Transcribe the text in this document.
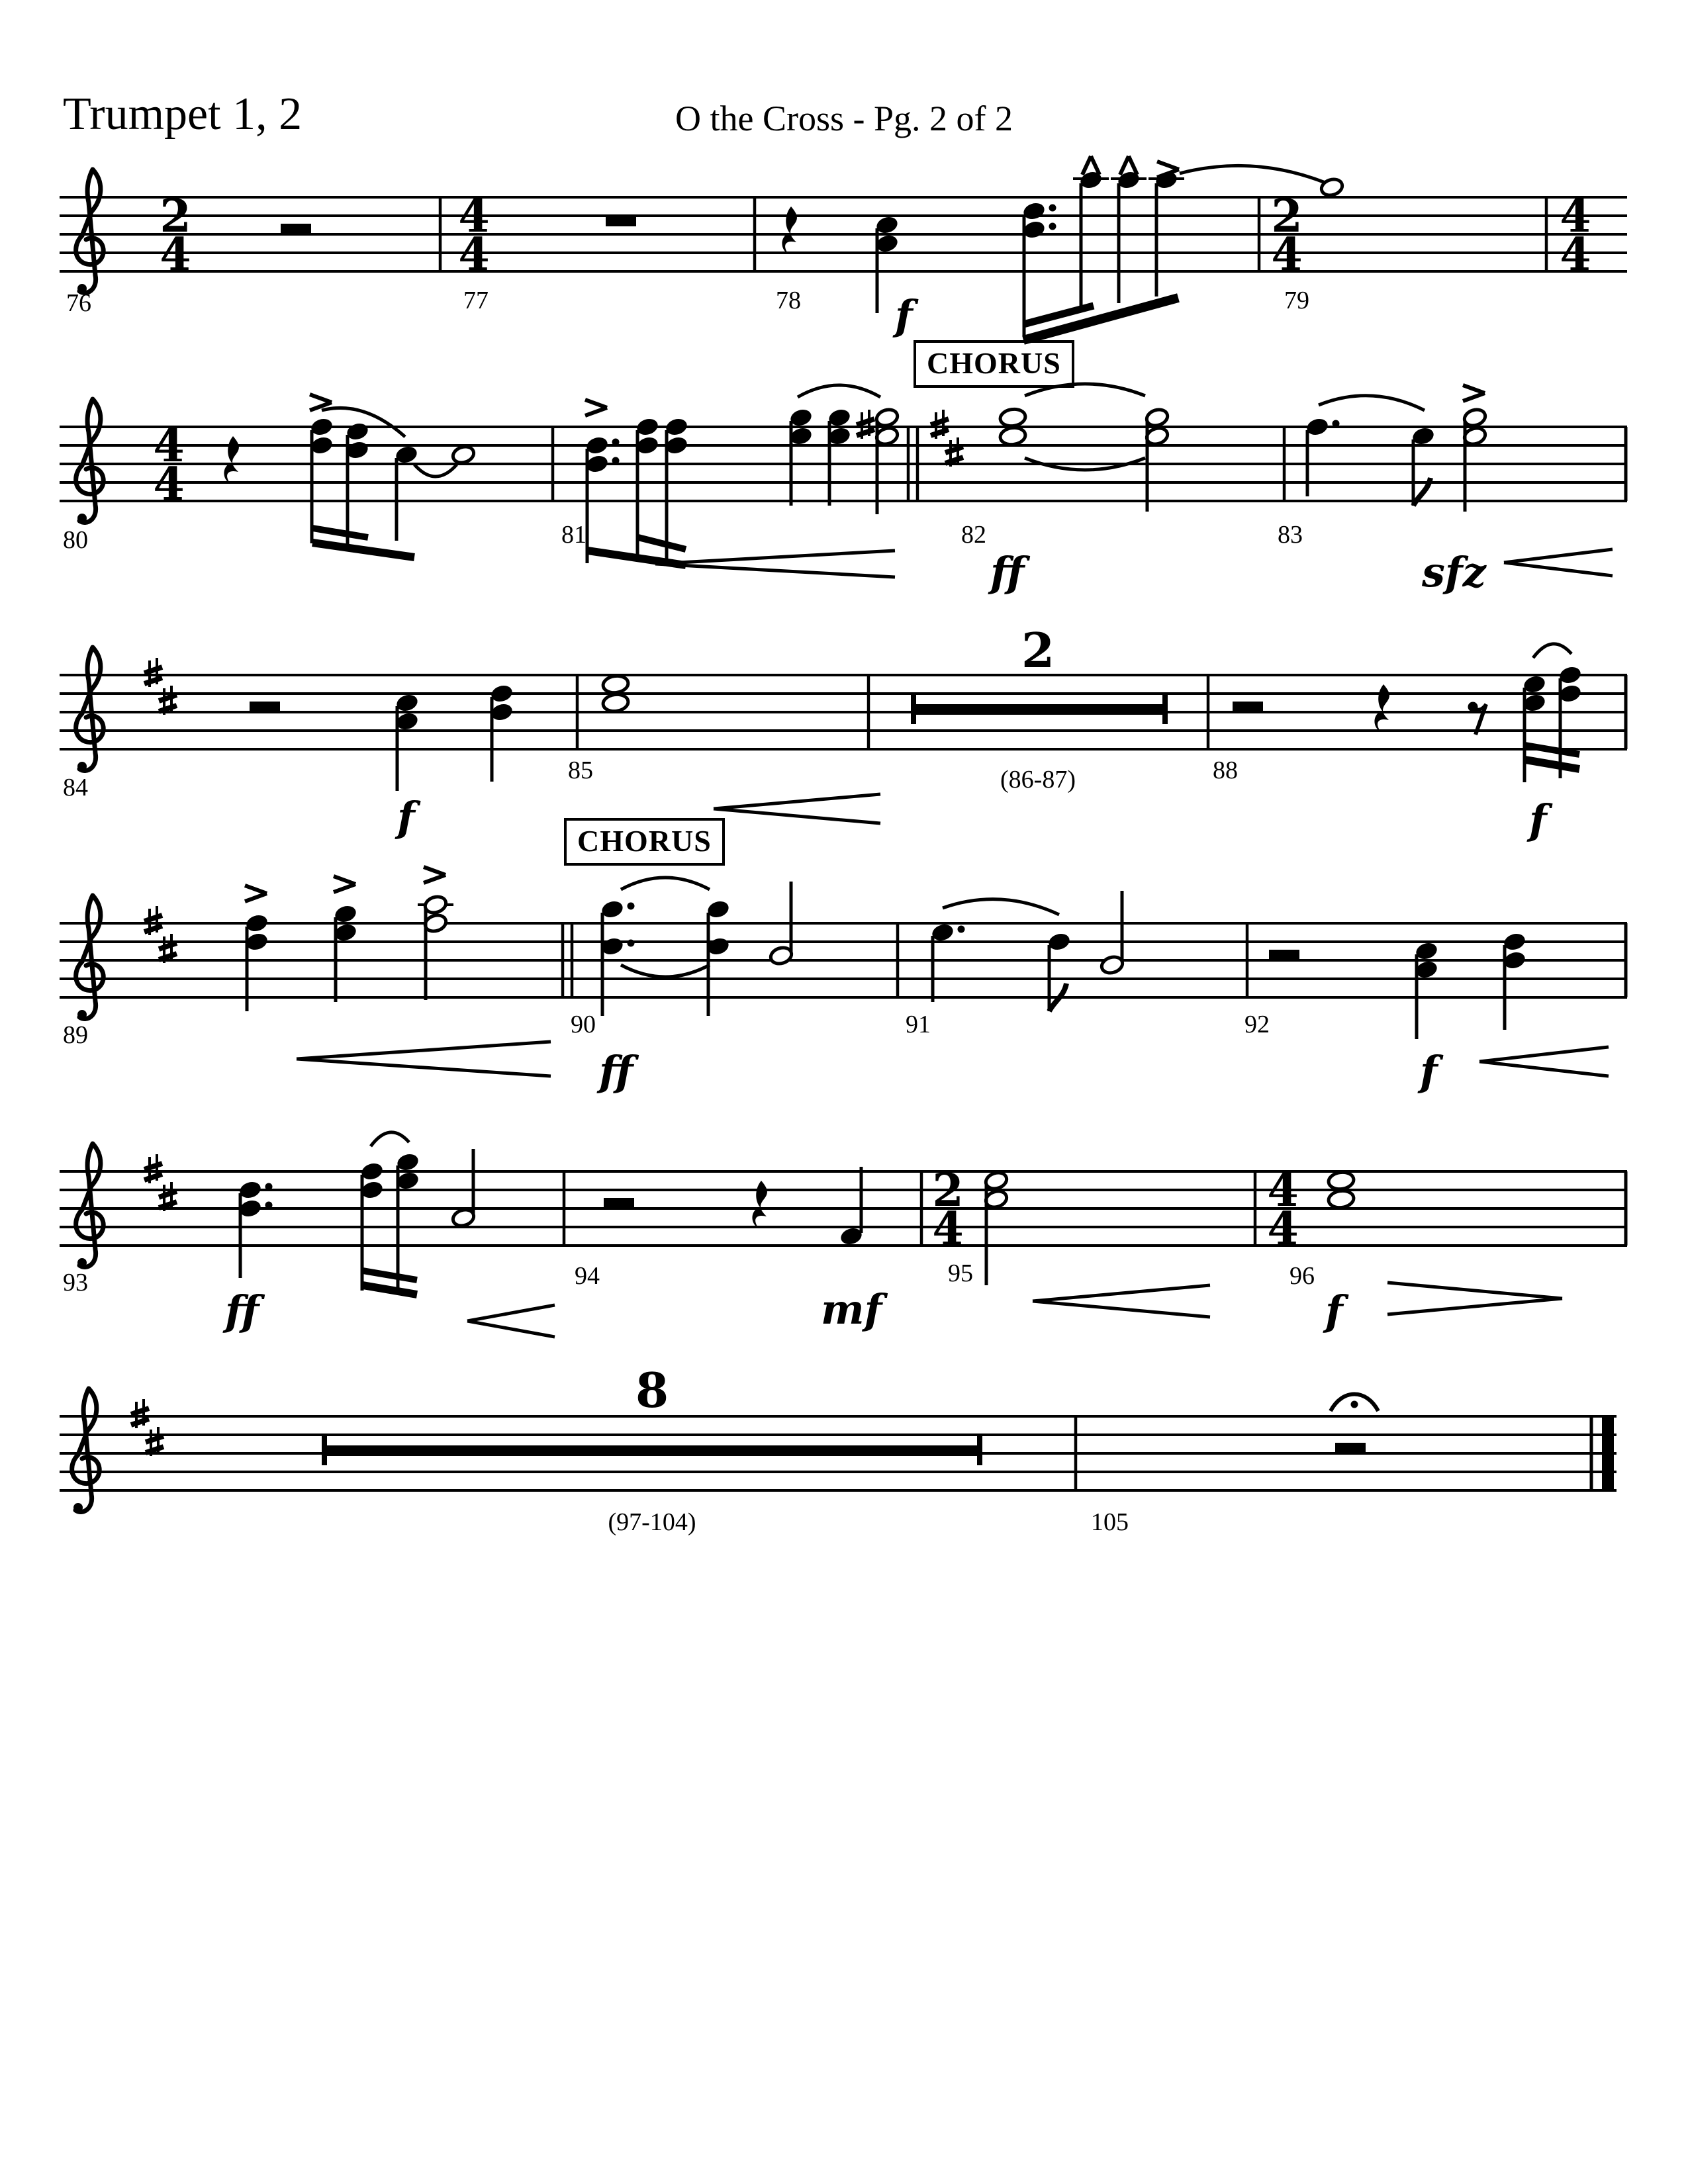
Trumpet 1, 2	O the Cross - Pg. 2 of 2
CHORUS
CHORUS
2
4
4
4
2
4
4
4
76	77	78	79
f
4
4
80	81	82	83
ff	sfz
2
(86-87)
84
85	88
f	f
89	90	91	92
ff	f
2
4
4
4
93	94	95	96
ff	mf	f
8
(97-104)	105
